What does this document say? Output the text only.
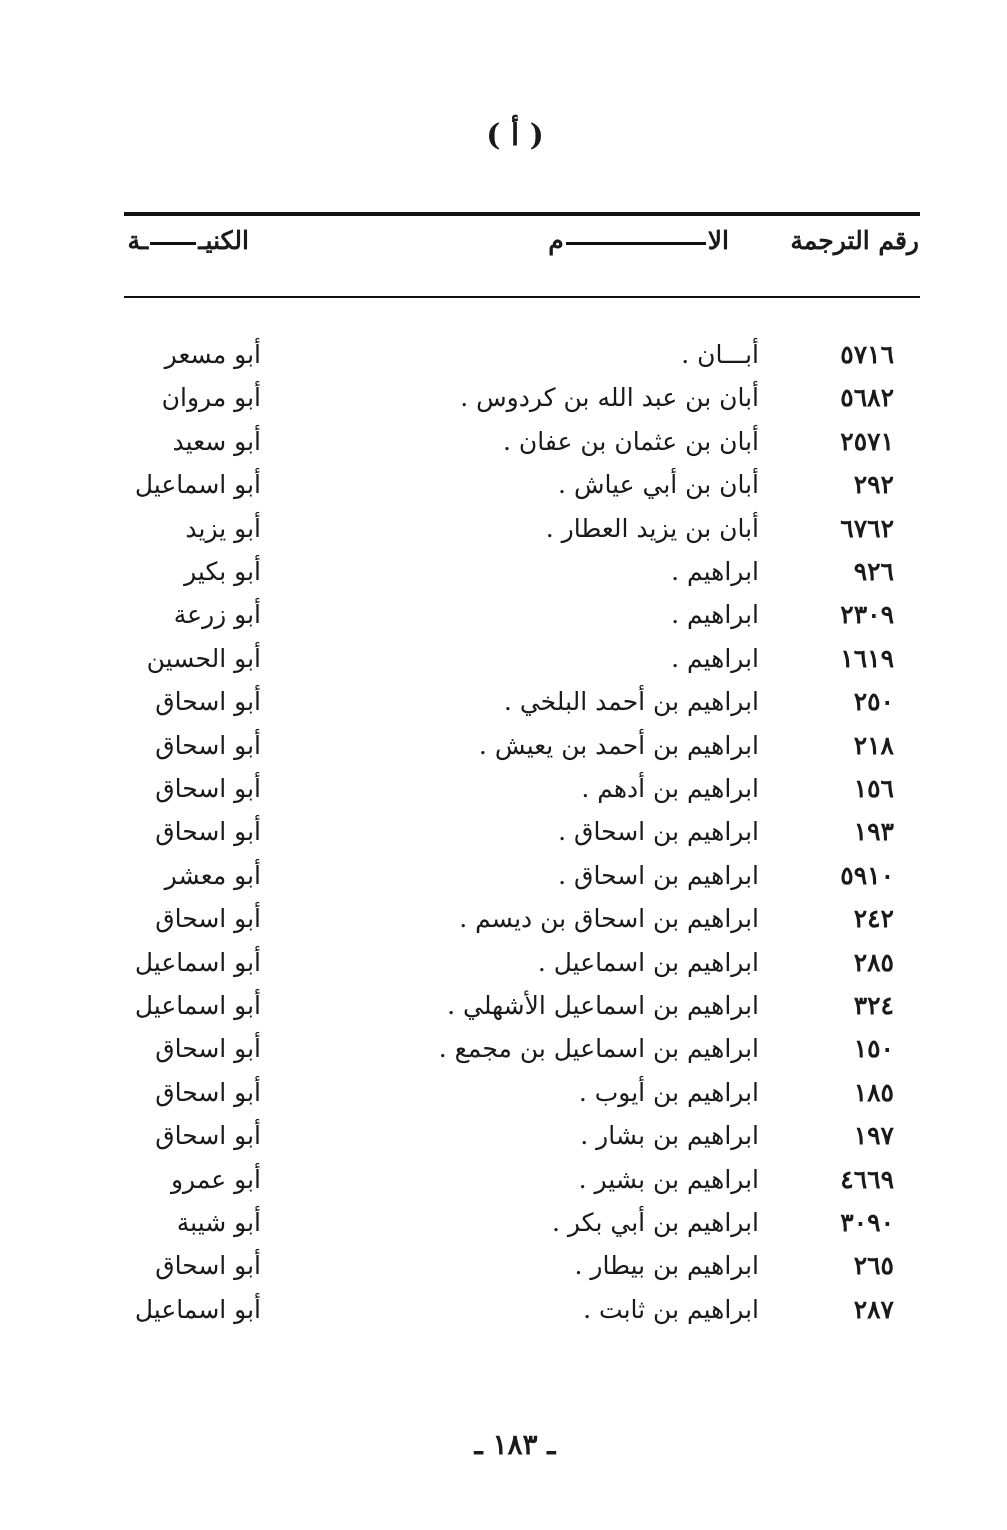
( أ )
رقم الترجمة
الام
الكنيــة
٥٧١٦
أبـــان .
أبو مسعر
٥٦٨٢
أبان بن عبد الله بن كردوس .
أبو مروان
٢٥٧١
أبان بن عثمان بن عفان .
أبو سعيد
٢٩٢
أبان بن أبي عياش .
أبو اسماعيل
٦٧٦٢
أبان بن يزيد العطار .
أبو يزيد
٩٢٦
ابراهيم .
أبو بكير
٢٣٠٩
ابراهيم .
أبو زرعة
١٦١٩
ابراهيم .
أبو الحسين
٢٥٠
ابراهيم بن أحمد البلخي .
أبو اسحاق
٢١٨
ابراهيم بن أحمد بن يعيش .
أبو اسحاق
١٥٦
ابراهيم بن أدهم .
أبو اسحاق
١٩٣
ابراهيم بن اسحاق .
أبو اسحاق
٥٩١٠
ابراهيم بن اسحاق .
أبو معشر
٢٤٢
ابراهيم بن اسحاق بن ديسم .
أبو اسحاق
٢٨٥
ابراهيم بن اسماعيل .
أبو اسماعيل
٣٢٤
ابراهيم بن اسماعيل الأشهلي .
أبو اسماعيل
١٥٠
ابراهيم بن اسماعيل بن مجمع .
أبو اسحاق
١٨٥
ابراهيم بن أيوب .
أبو اسحاق
١٩٧
ابراهيم بن بشار .
أبو اسحاق
٤٦٦٩
ابراهيم بن بشير .
أبو عمرو
٣٠٩٠
ابراهيم بن أبي بكر .
أبو شيبة
٢٦٥
ابراهيم بن بيطار .
أبو اسحاق
٢٨٧
ابراهيم بن ثابت .
أبو اسماعيل
ـ ١٨٣ ـ
